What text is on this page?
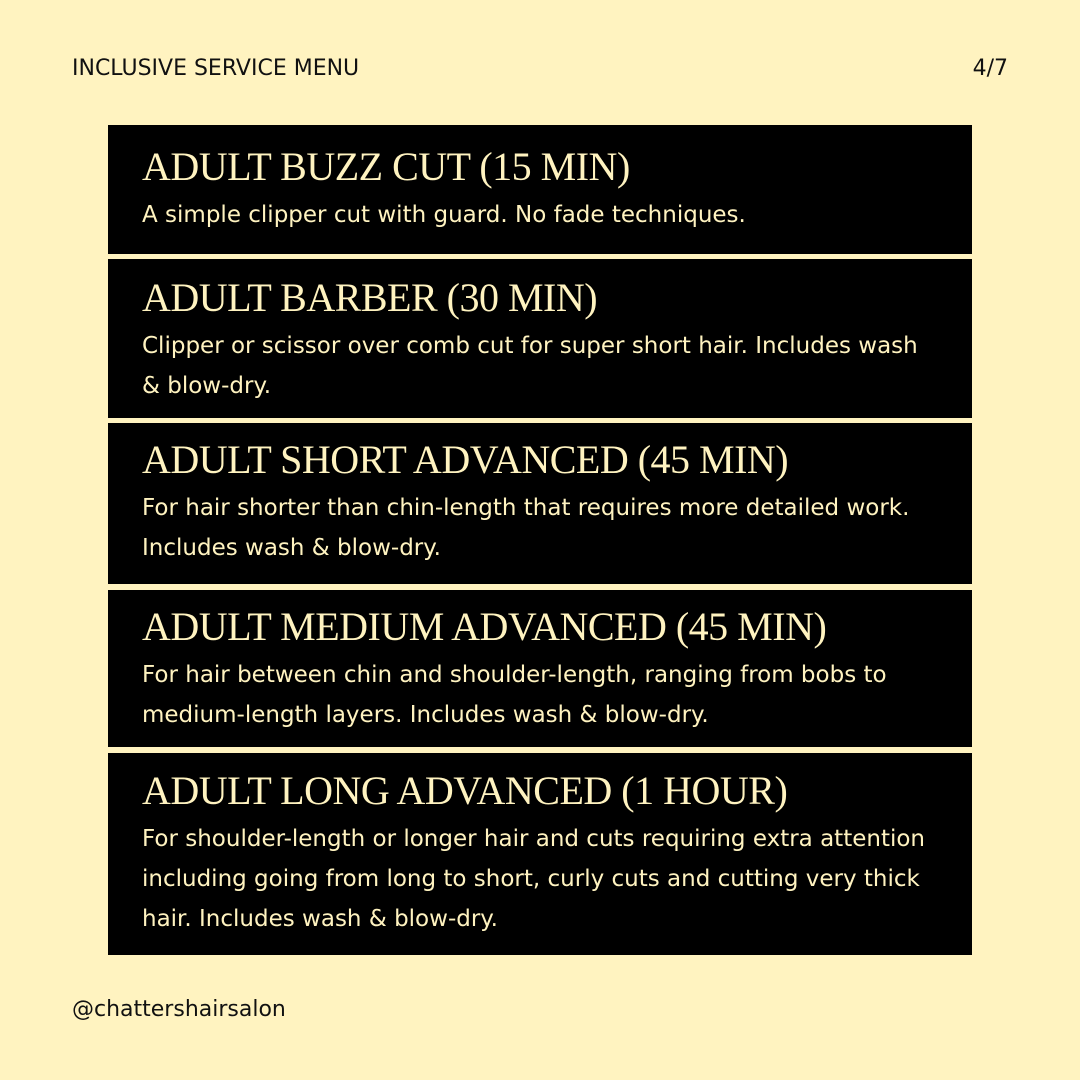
INCLUSIVE SERVICE MENU	4/7
ADULT BUZZ CUT (15 MIN)
A simple clipper cut with guard. No fade techniques.
ADULT BARBER (30 MIN)
Clipper or scissor over comb cut for super short hair. Includes wash & blow-dry.
ADULT SHORT ADVANCED (45 MIN)
For hair shorter than chin-length that requires more detailed work. Includes wash & blow-dry.
ADULT MEDIUM ADVANCED (45 MIN)
For hair between chin and shoulder-length, ranging from bobs to medium-length layers. Includes wash & blow-dry.
ADULT LONG ADVANCED (1 HOUR)
For shoulder-length or longer hair and cuts requiring extra attention including going from long to short, curly cuts and cutting very thick hair. Includes wash & blow-dry.
@chattershairsalon
